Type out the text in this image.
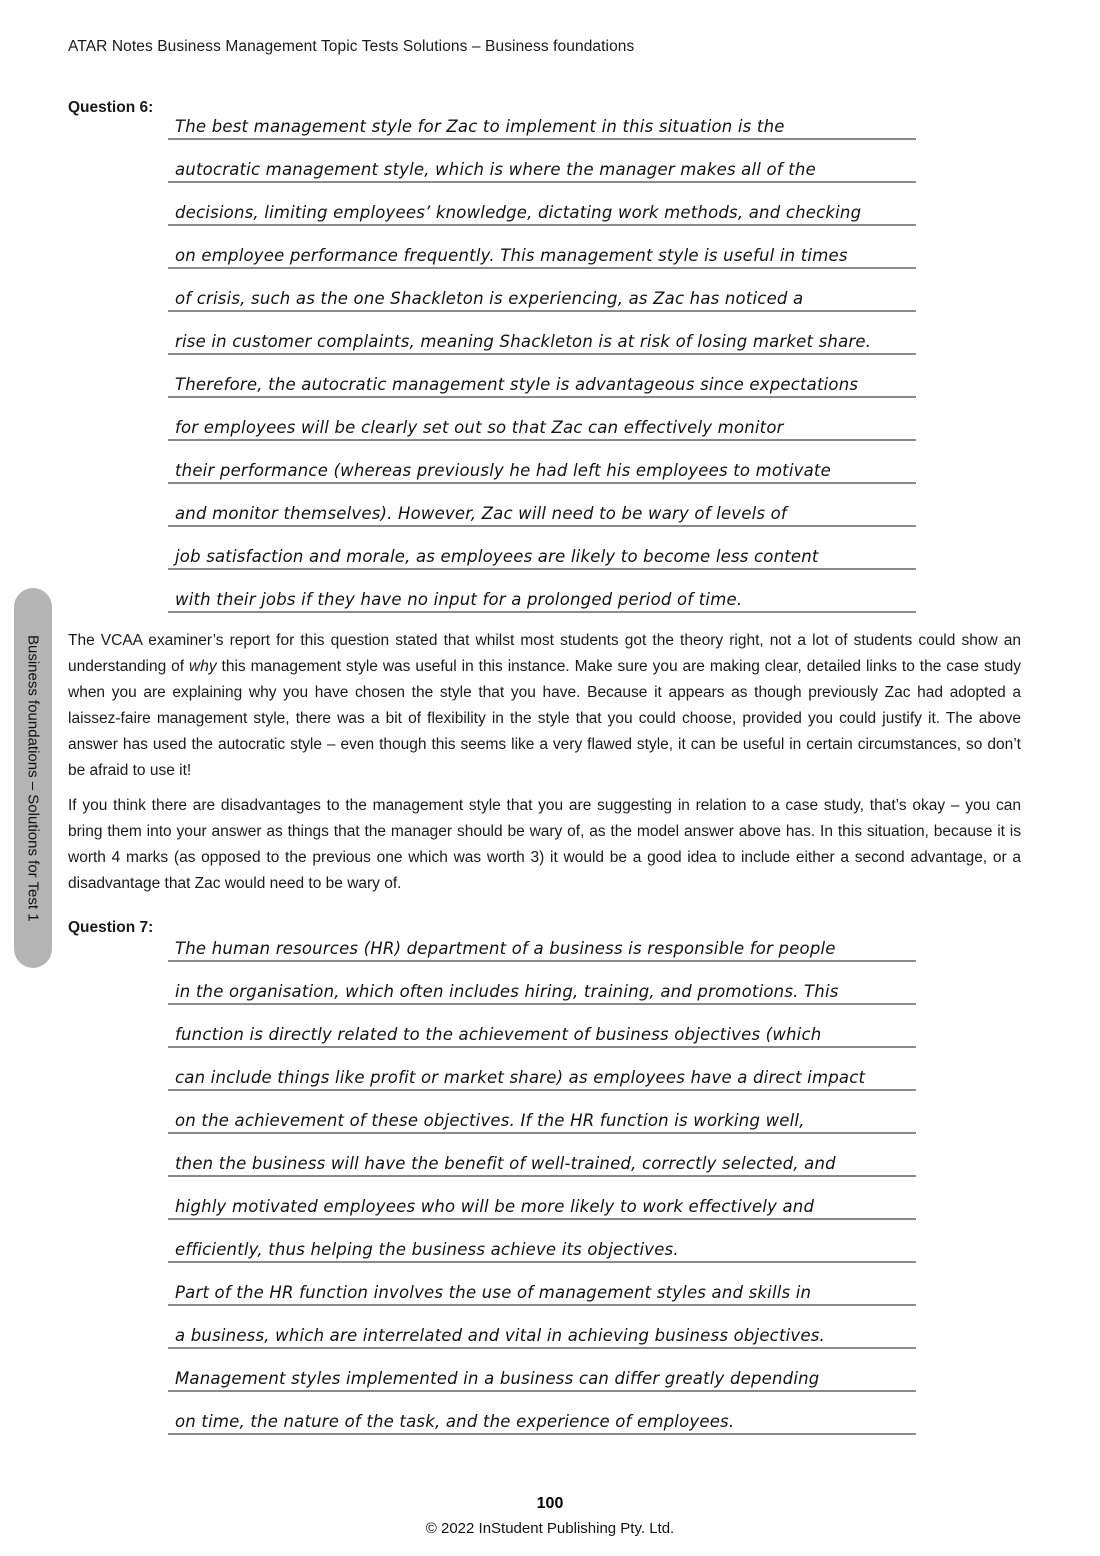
ATAR Notes Business Management Topic Tests Solutions – Business foundations
Question 6:
The best management style for Zac to implement in this situation is the
autocratic management style, which is where the manager makes all of the
decisions, limiting employees’ knowledge, dictating work methods, and checking
on employee performance frequently. This management style is useful in times
of crisis, such as the one Shackleton is experiencing, as Zac has noticed a
rise in customer complaints, meaning Shackleton is at risk of losing market share.
Therefore, the autocratic management style is advantageous since expectations
for employees will be clearly set out so that Zac can effectively monitor
their performance (whereas previously he had left his employees to motivate
and monitor themselves). However, Zac will need to be wary of levels of
job satisfaction and morale, as employees are likely to become less content
with their jobs if they have no input for a prolonged period of time.

The VCAA examiner’s report for this question stated that whilst most students got the theory right, not a lot of students could show an understanding of why this management style was useful in this instance. Make sure you are making clear, detailed links to the case study when you are explaining why you have chosen the style that you have. Because it appears as though previously Zac had adopted a laissez-faire management style, there was a bit of flexibility in the style that you could choose, provided you could justify it. The above answer has used the autocratic style – even though this seems like a very flawed style, it can be useful in certain circumstances, so don’t be afraid to use it!

If you think there are disadvantages to the management style that you are suggesting in relation to a case study, that’s okay – you can bring them into your answer as things that the manager should be wary of, as the model answer above has. In this situation, because it is worth 4 marks (as opposed to the previous one which was worth 3) it would be a good idea to include either a second advantage, or a disadvantage that Zac would need to be wary of.

Question 7:
The human resources (HR) department of a business is responsible for people
in the organisation, which often includes hiring, training, and promotions. This
function is directly related to the achievement of business objectives (which
can include things like profit or market share) as employees have a direct impact
on the achievement of these objectives. If the HR function is working well,
then the business will have the benefit of well-trained, correctly selected, and
highly motivated employees who will be more likely to work effectively and
efficiently, thus helping the business achieve its objectives.
Part of the HR function involves the use of management styles and skills in
a business, which are interrelated and vital in achieving business objectives.
Management styles implemented in a business can differ greatly depending
on time, the nature of the task, and the experience of employees.
Business foundations – Solutions for Test 1
100
© 2022 InStudent Publishing Pty. Ltd.
